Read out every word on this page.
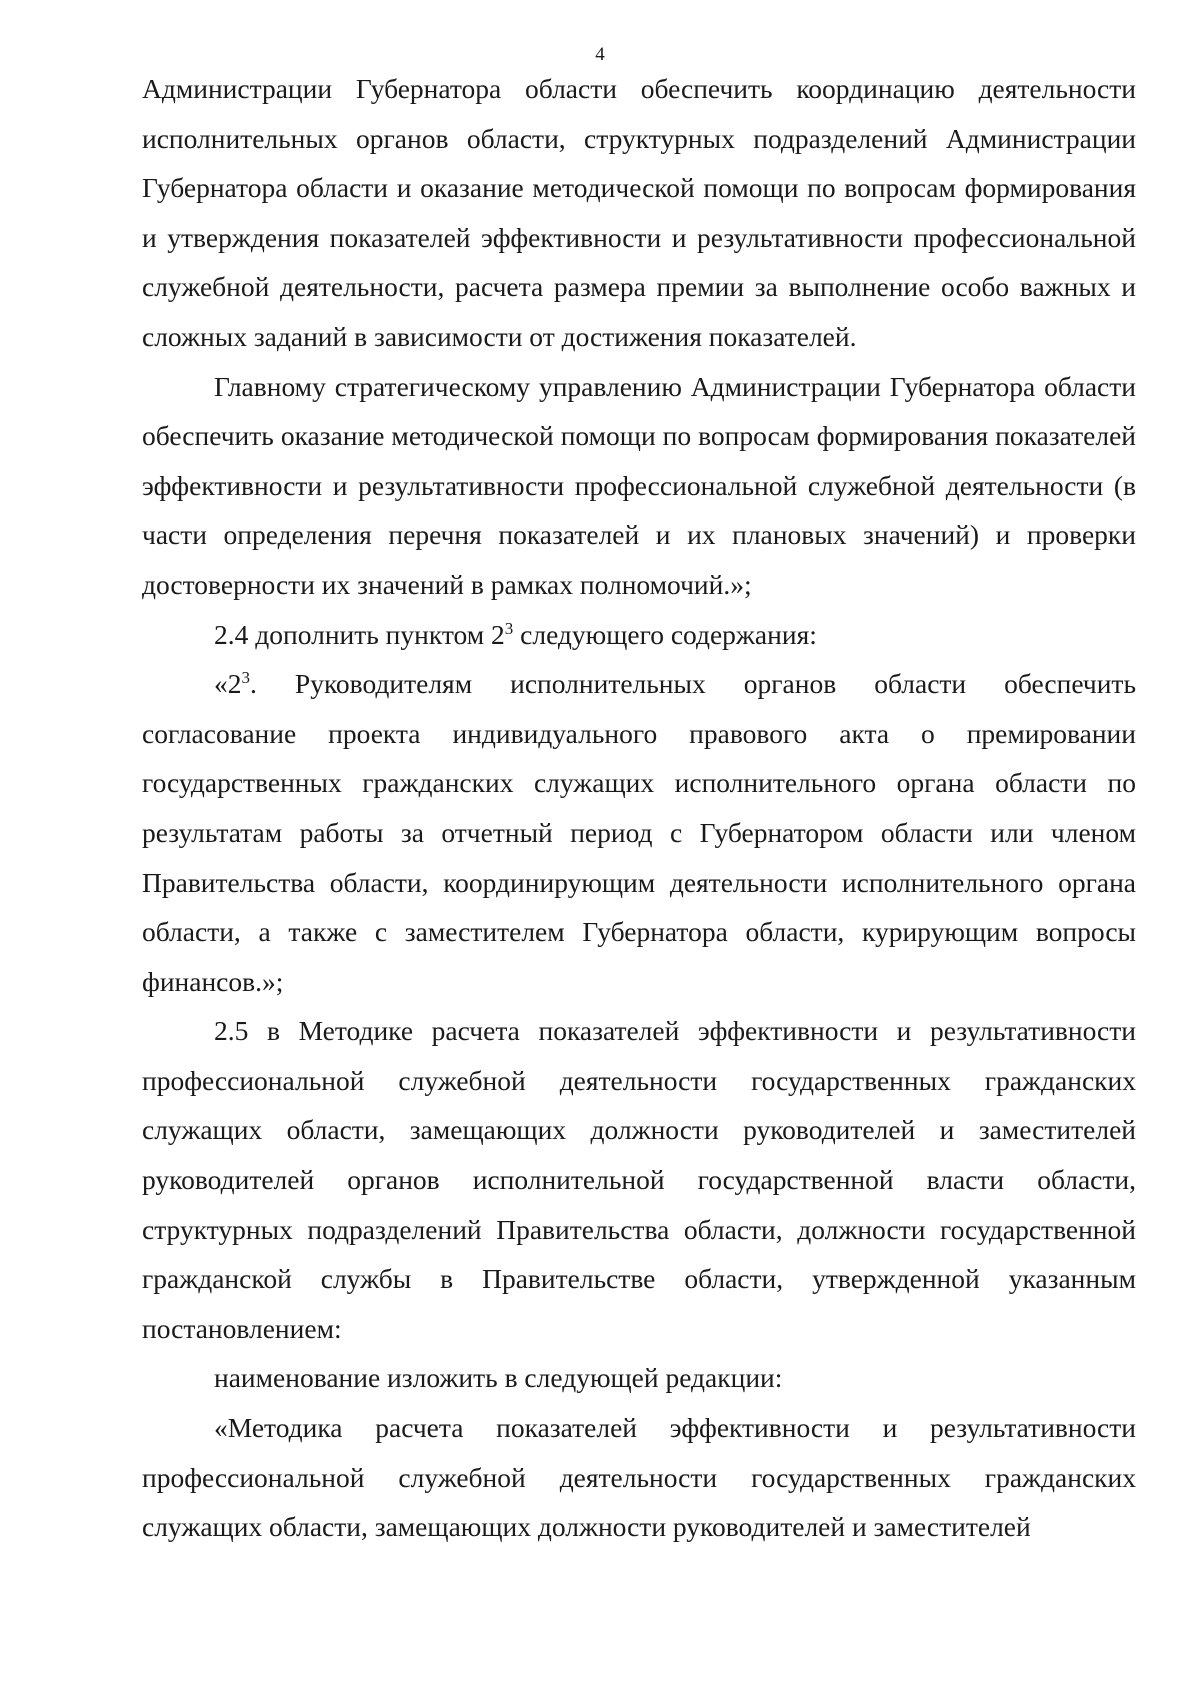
4

Администрации Губернатора области обеспечить координацию деятельности исполнительных органов области, структурных подразделений Администрации Губернатора области и оказание методической помощи по вопросам формирования и утверждения показателей эффективности и результативности профессиональной служебной деятельности, расчета размера премии за выполнение особо важных и сложных заданий в зависимости от достижения показателей.

Главному стратегическому управлению Администрации Губернатора области обеспечить оказание методической помощи по вопросам формирования показателей эффективности и результативности профессиональной служебной деятельности (в части определения перечня показателей и их плановых значений) и проверки достоверности их значений в рамках полномочий.»;

2.4 дополнить пунктом $2^3$ следующего содержания:

«$2^3$. Руководителям исполнительных органов области обеспечить согласование проекта индивидуального правового акта о премировании государственных гражданских служащих исполнительного органа области по результатам работы за отчетный период с Губернатором области или членом Правительства области, координирующим деятельности исполнительного органа области, а также с заместителем Губернатора области, курирующим вопросы финансов.»;

2.5 в Методике расчета показателей эффективности и результативности профессиональной служебной деятельности государственных гражданских служащих области, замещающих должности руководителей и заместителей руководителей органов исполнительной государственной власти области, структурных подразделений Правительства области, должности государственной гражданской службы в Правительстве области, утвержденной указанным постановлением:

наименование изложить в следующей редакции:

«Методика расчета показателей эффективности и результативности профессиональной служебной деятельности государственных гражданских служащих области, замещающих должности руководителей и заместителей
